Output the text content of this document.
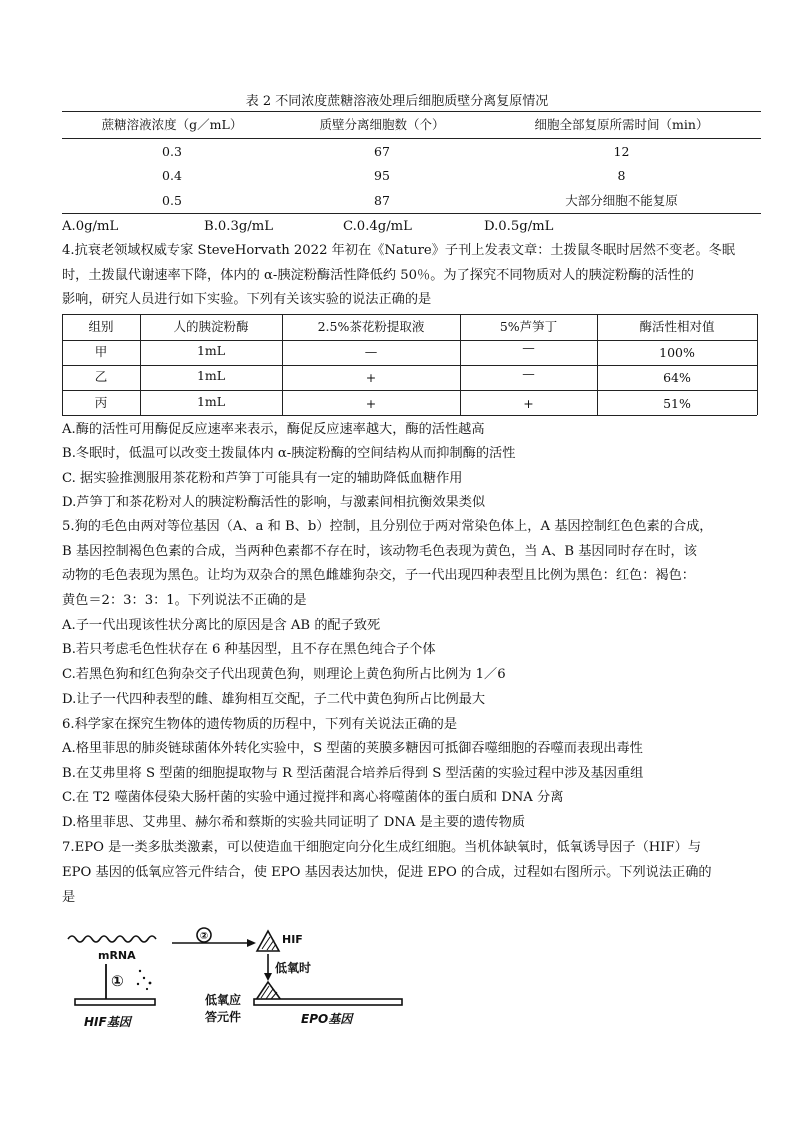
表 2 不同浓度蔗糖溶液处理后细胞质壁分离复原情况
蔗糖溶液浓度（g／mL）	质壁分离细胞数（个）	细胞全部复原所需时间（min）
0.3	67	12
0.4	95	8
0.5	87	大部分细胞不能复原
A.0g/mL	B.0.3g/mL	C.0.4g/mL	D.0.5g/mL
4.抗衰老领域权威专家 SteveHorvath 2022 年初在《Nature》子刊上发表文章：土拨鼠冬眠时居然不变老。冬眠
时，土拨鼠代谢速率下降，体内的 α-胰淀粉酶活性降低约 50％。为了探究不同物质对人的胰淀粉酶的活性的
影响，研究人员进行如下实验。下列有关该实验的说法正确的是
组别	人的胰淀粉酶	2.5%茶花粉提取液	5%芦笋丁	酶活性相对值
甲	1mL	—	—	100%
乙	1mL	+	—	64%
丙	1mL	+	+	51%
A.酶的活性可用酶促反应速率来表示，酶促反应速率越大，酶的活性越高
B.冬眠时，低温可以改变土拨鼠体内 α-胰淀粉酶的空间结构从而抑制酶的活性
C. 据实验推测服用茶花粉和芦笋丁可能具有一定的辅助降低血糖作用
D.芦笋丁和茶花粉对人的胰淀粉酶活性的影响，与激素间相抗衡效果类似
5.狗的毛色由两对等位基因（A、a 和 B、b）控制，且分别位于两对常染色体上，A 基因控制红色色素的合成，
B 基因控制褐色色素的合成，当两种色素都不存在时，该动物毛色表现为黄色，当 A、B 基因同时存在时，该
动物的毛色表现为黑色。让均为双杂合的黑色雌雄狗杂交，子一代出现四种表型且比例为黑色：红色：褐色：
黄色＝2：3：3：1。下列说法不正确的是
A.子一代出现该性状分离比的原因是含 AB 的配子致死
B.若只考虑毛色性状存在 6 种基因型，且不存在黑色纯合子个体
C.若黑色狗和红色狗杂交子代出现黄色狗，则理论上黄色狗所占比例为 1／6
D.让子一代四种表型的雌、雄狗相互交配，子二代中黄色狗所占比例最大
6.科学家在探究生物体的遗传物质的历程中，下列有关说法正确的是
A.格里菲思的肺炎链球菌体外转化实验中，S 型菌的荚膜多糖因可抵御吞噬细胞的吞噬而表现出毒性
B.在艾弗里将 S 型菌的细胞提取物与 R 型活菌混合培养后得到 S 型活菌的实验过程中涉及基因重组
C.在 T2 噬菌体侵染大肠杆菌的实验中通过搅拌和离心将噬菌体的蛋白质和 DNA 分离
D.格里菲思、艾弗里、赫尔希和蔡斯的实验共同证明了 DNA 是主要的遗传物质
7.EPO 是一类多肽类激素，可以使造血干细胞定向分化生成红细胞。当机体缺氧时，低氧诱导因子（HIF）与
EPO 基因的低氧应答元件结合，使 EPO 基因表达加快，促进 EPO 的合成，过程如右图所示。下列说法正确的
是
mRNA
①
HIF基因
②	HIF
低氧时
低氧应
答元件	EPO基因
